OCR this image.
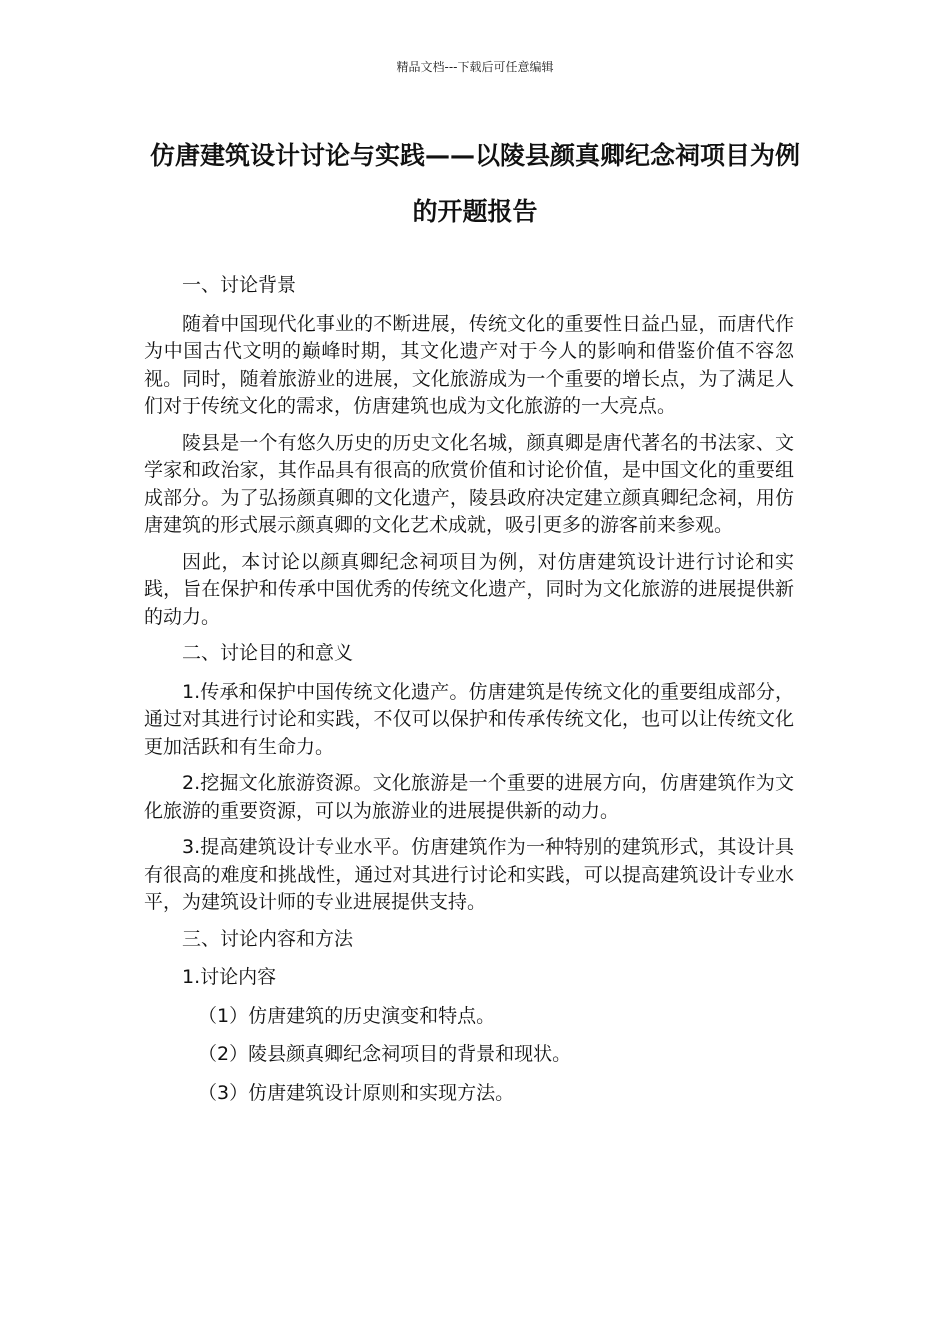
精品文档---下载后可任意编辑
仿唐建筑设计讨论与实践——以陵县颜真卿纪念祠项目为例的开题报告

一、讨论背景

随着中国现代化事业的不断进展，传统文化的重要性日益凸显，而唐代作为中国古代文明的巅峰时期，其文化遗产对于今人的影响和借鉴价值不容忽视。同时，随着旅游业的进展，文化旅游成为一个重要的增长点，为了满足人们对于传统文化的需求，仿唐建筑也成为文化旅游的一大亮点。

陵县是一个有悠久历史的历史文化名城，颜真卿是唐代著名的书法家、文学家和政治家，其作品具有很高的欣赏价值和讨论价值，是中国文化的重要组成部分。为了弘扬颜真卿的文化遗产，陵县政府决定建立颜真卿纪念祠，用仿唐建筑的形式展示颜真卿的文化艺术成就，吸引更多的游客前来参观。

因此，本讨论以颜真卿纪念祠项目为例，对仿唐建筑设计进行讨论和实践，旨在保护和传承中国优秀的传统文化遗产，同时为文化旅游的进展提供新的动力。

二、讨论目的和意义

1.传承和保护中国传统文化遗产。仿唐建筑是传统文化的重要组成部分，通过对其进行讨论和实践，不仅可以保护和传承传统文化，也可以让传统文化更加活跃和有生命力。

2.挖掘文化旅游资源。文化旅游是一个重要的进展方向，仿唐建筑作为文化旅游的重要资源，可以为旅游业的进展提供新的动力。

3.提高建筑设计专业水平。仿唐建筑作为一种特别的建筑形式，其设计具有很高的难度和挑战性，通过对其进行讨论和实践，可以提高建筑设计专业水平，为建筑设计师的专业进展提供支持。

三、讨论内容和方法

1.讨论内容

（1）仿唐建筑的历史演变和特点。

（2）陵县颜真卿纪念祠项目的背景和现状。

（3）仿唐建筑设计原则和实现方法。
